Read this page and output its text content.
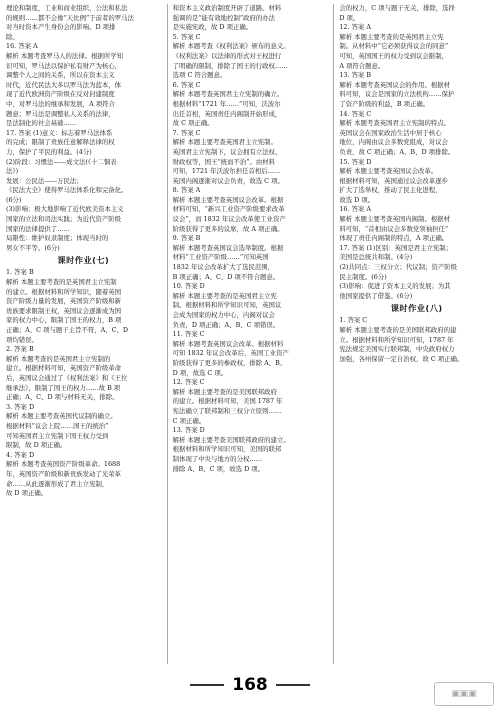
理论和制度，工业和商业组织，公法和私法
的规则……都不会像“天比例”于前者的罗马法
对当时资本产生身份会的影响。D 项排
除。
16. 答案 A
解析 本题考查罗马人的法律。根据所学知
识可知，罗马法以保护私有财产为核心，
调整个人之间的关系，所以在资本主义
时代，近代民法大多以罗马法为蓝本，体
现了近代欧洲资产阶级在反对封建制度
中，对罗马法的继承和发展，A 项符合
题意；罗马法是调整私人关系的法律，
是法制化的社会基础……
17. 答案 (1)意义：标志着罗马法体系
的完成；限制了贵族任意解释法律的权
力，保护了平民的利益。(4分)
(2)阶段：习惯法——成文法(《十二铜表
法》)
发展：公民法——万民法；
《民法大全》使得罗马法体系化和完备化。
(6分)
(3)影响：极大地影响了近代欧美资本主义
国家的立法和司法实践；为近代资产阶级
国家的法律提供了……
局限性：维护奴隶制度；体现当时的
男女不平等。(6分)
课时作业(七)
1. 答案 B
解析 本题主要考查的是英国君主立宪制
的建立。根据材料和所学知识，随着英国
资产阶级力量的发展，英国资产阶级和新
贵族要求限制王权，英国议会逐渐成为国
家的权力中心，限制了国王的权力，B 项
正确；A、C 项与题干主旨不符，A、C、D
项均错误。
2. 答案 B
解析 本题考查的是英国君主立宪制的
建立。根据材料可知，英国资产阶级革命
后，英国议会通过了《权利法案》和《王位
继承法》，限制了国王的权力……故 B 项
正确；A、C、D 项与材料无关，排除。
3. 答案 D
解析 本题主要考查英国代议制的确立。
根据材料“议会上院……国王的统治”
可知英国君主立宪制下国王权力受到
限制，故 D 项正确。
4. 答案 D
解析 本题考查英国资产阶级革命。1688
年，英国资产阶级和新贵族发动了光荣革
命……从此逐渐形成了君主立宪制，
故 D 项正确。
和资本主义政治制度开辟了道路。材料
强调的是“能有效地控制”政府的办法
是实施宪政，故 D 项正确。
5. 答案 C
解析 本题考查《权利法案》颁布的意义。
《权利法案》以法律的形式对王权进行
了明确的限制，排除了国王的行政权……
选项 C 符合题意。
6. 答案 C
解析 本题考查英国君主立宪制的确立。
根据材料“1721 年……”可知，沃波尔
出任首相，英国责任内阁制开始形成，
故 C 项正确。
7. 答案 C
解析 本题主要考查英国君主立宪制。
英国君主立宪制下，议会拥有立法权、
财政权等，国王“统而不治”。由材料
可知，1721 年沃波尔担任首相后……
英国内阁逐渐对议会负责，故选 C 项。
8. 答案 A
解析 本题主要考查英国议会改革。根据
材料可知，“新兴工业资产阶级要求改革
议会”，而 1832 年议会改革使工业资产
阶级获得了更多的议席，故 A 项正确。
9. 答案 B
解析 本题考查英国议会选举制度。根据
材料“工业资产阶级……”可知英国
1832 年议会改革扩大了选民范围，
B 项正确；A、C、D 项不符合题意。
10. 答案 D
解析 本题主要考查的是英国君主立宪
制。根据材料和所学知识可知，英国议
会成为国家的权力中心，内阁对议会
负责，D 项正确；A、B、C 项错误。
11. 答案 C
解析 本题考查英国议会改革。根据材料
可知 1832 年议会改革后，英国工业资产
阶级获得了更多的参政权，排除 A、B、
D 项，故选 C 项。
12. 答案 C
解析 本题主要考查的是美国联邦政府
的建立。根据材料可知，美国 1787 年
宪法确立了联邦制和三权分立原则……
C 项正确。
13. 答案 D
解析 本题主要考查美国联邦政府的建立。
根据材料和所学知识可知，美国的联邦
制体现了中央与地方的分权……
排除 A、B、C 项，故选 D 项。
会的权力，C 项与题干无关，排除，选择
D 项。
12. 答案 A
解析 本题主要考查的是英国君主立宪
制。从材料中“它必须获得议会的同意”
可知，英国国王的权力受到议会限制，
A 项符合题意。
13. 答案 B
解析 本题考查英国议会的作用。根据材
料可知，议会是国家的立法机构……保护
了资产阶级的利益，B 项正确。
14. 答案 C
解析 本题考查英国君主立宪制的特点。
英国议会在国家政治生活中居于核心
地位，内阁由议会多数党组成，对议会
负责，故 C 项正确；A、B、D 项排除。
15. 答案 D
解析 本题主要考查英国议会改革。
根据材料可知，英国通过议会改革逐步
扩大了选举权，推动了民主化进程，
故选 D 项。
16. 答案 A
解析 本题主要考查英国内阁制。根据材
料可知，“首相由议会多数党领袖担任”
体现了责任内阁制的特点，A 项正确。
17. 答案 (1)区别：英国是君主立宪制；
美国是总统共和制。(4分)
(2)共同点：三权分立；代议制；资产阶级
民主制度。(6分)
(3)影响：促进了资本主义的发展；为其
他国家提供了借鉴。(6分)
课时作业(八)
1. 答案 C
解析 本题主要考查的是美国联邦政府的建
立。根据材料和所学知识可知，1787 年
宪法规定美国实行联邦制，中央政府权力
加强，各州保留一定自治权，故 C 项正确。
168	▣▣▣
